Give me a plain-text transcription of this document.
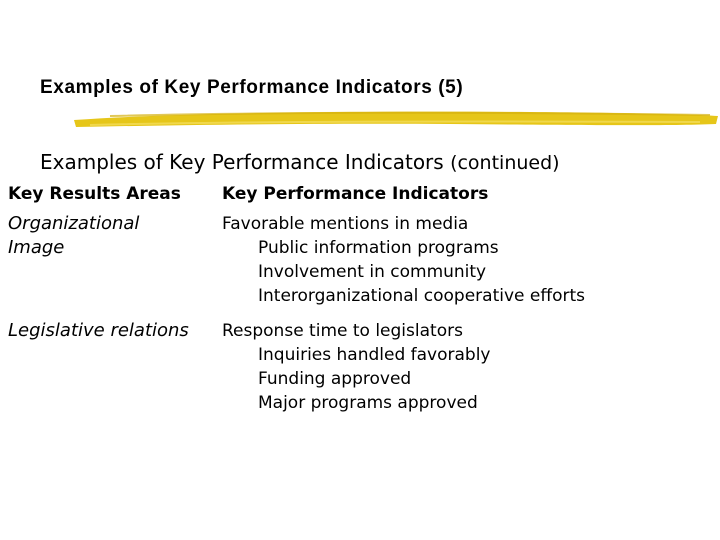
Examples of Key Performance Indicators (5)
Examples of Key Performance Indicators (continued)
Key Results Areas Key Performance Indicators
Organizational Image
Favorable mentions in media
Public information programs
Involvement in community
Interorganizational cooperative efforts
Legislative relations	Response time to legislators
Inquiries handled favorably
Funding approved
Major programs approved
